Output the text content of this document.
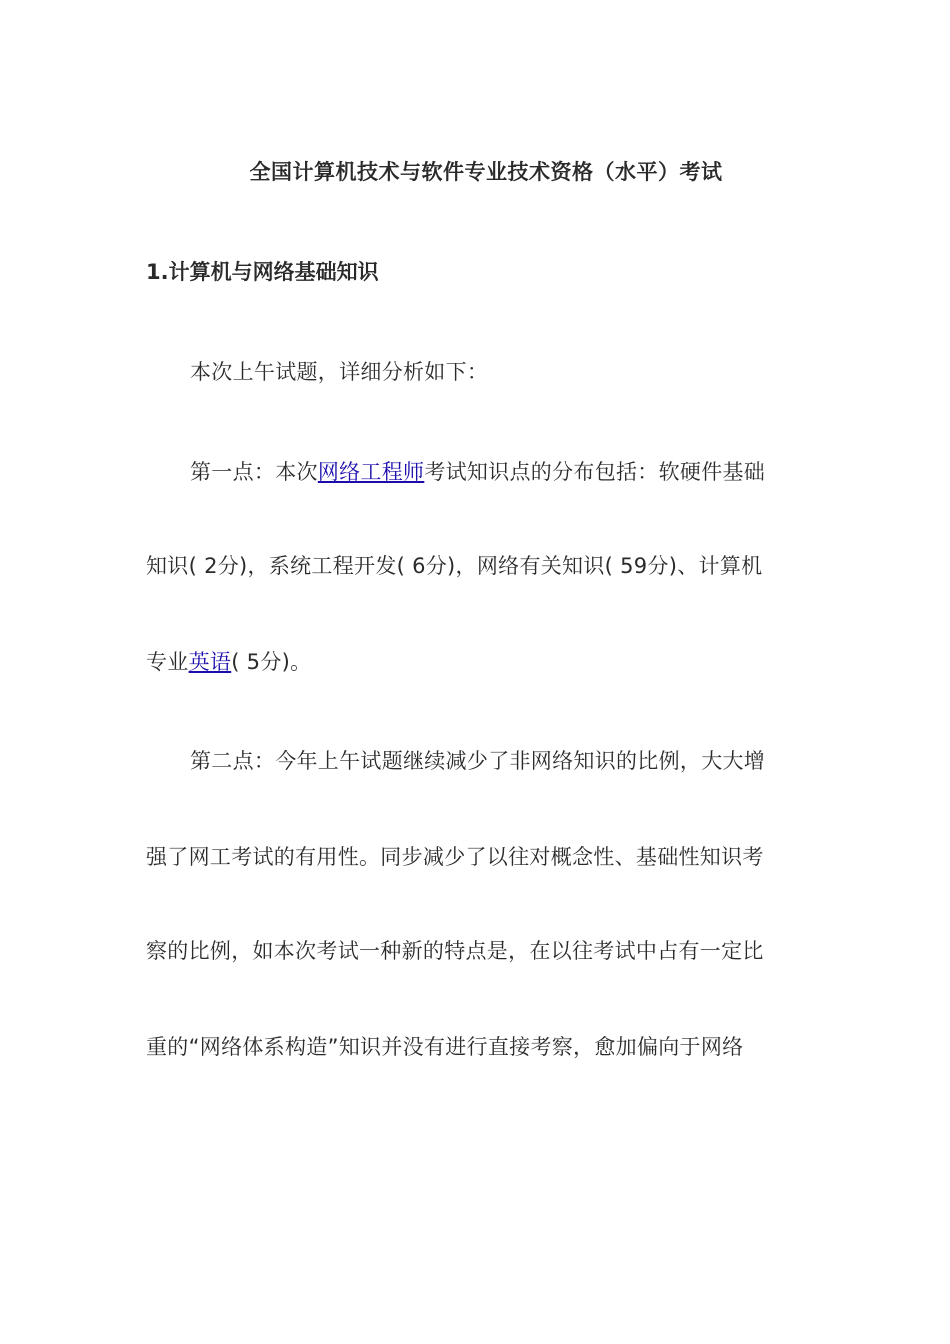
全国计算机技术与软件专业技术资格（水平）考试
1.计算机与网络基础知识
本次上午试题，详细分析如下：
第一点：本次网络工程师考试知识点的分布包括：软硬件基础
知识( 2分)，系统工程开发( 6分)，网络有关知识( 59分)、计算机
专业英语( 5分)。
第二点：今年上午试题继续减少了非网络知识的比例，大大增
强了网工考试的有用性。同步减少了以往对概念性、基础性知识考
察的比例，如本次考试一种新的特点是，在以往考试中占有一定比
重的“网络体系构造”知识并没有进行直接考察，愈加偏向于网络
